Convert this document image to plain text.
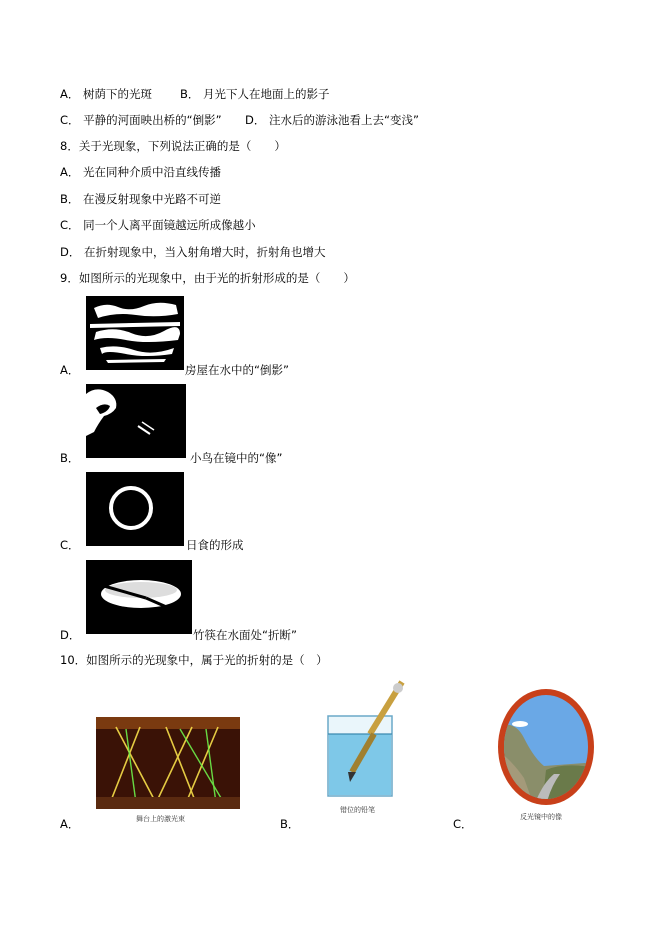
A． 树荫下的光斑 B． 月光下人在地面上的影子
C． 平静的河面映出桥的“倒影” D． 注水后的游泳池看上去“变浅”
8．关于光现象，下列说法正确的是（　　）
A． 光在同种介质中沿直线传播
B． 在漫反射现象中光路不可逆
C． 同一个人离平面镜越远所成像越小
D． 在折射现象中，当入射角增大时，折射角也增大
9．如图所示的光现象中，由于光的折射形成的是（　　）
A．	房屋在水中的“倒影”
B．	小鸟在镜中的“像”
C．	日食的形成
D．	竹筷在水面处“折断”
10．如图所示的光现象中，属于光的折射的是（　）
A．	舞台上的激光束	B．
错位的铅笔
C．	反光镜中的像
